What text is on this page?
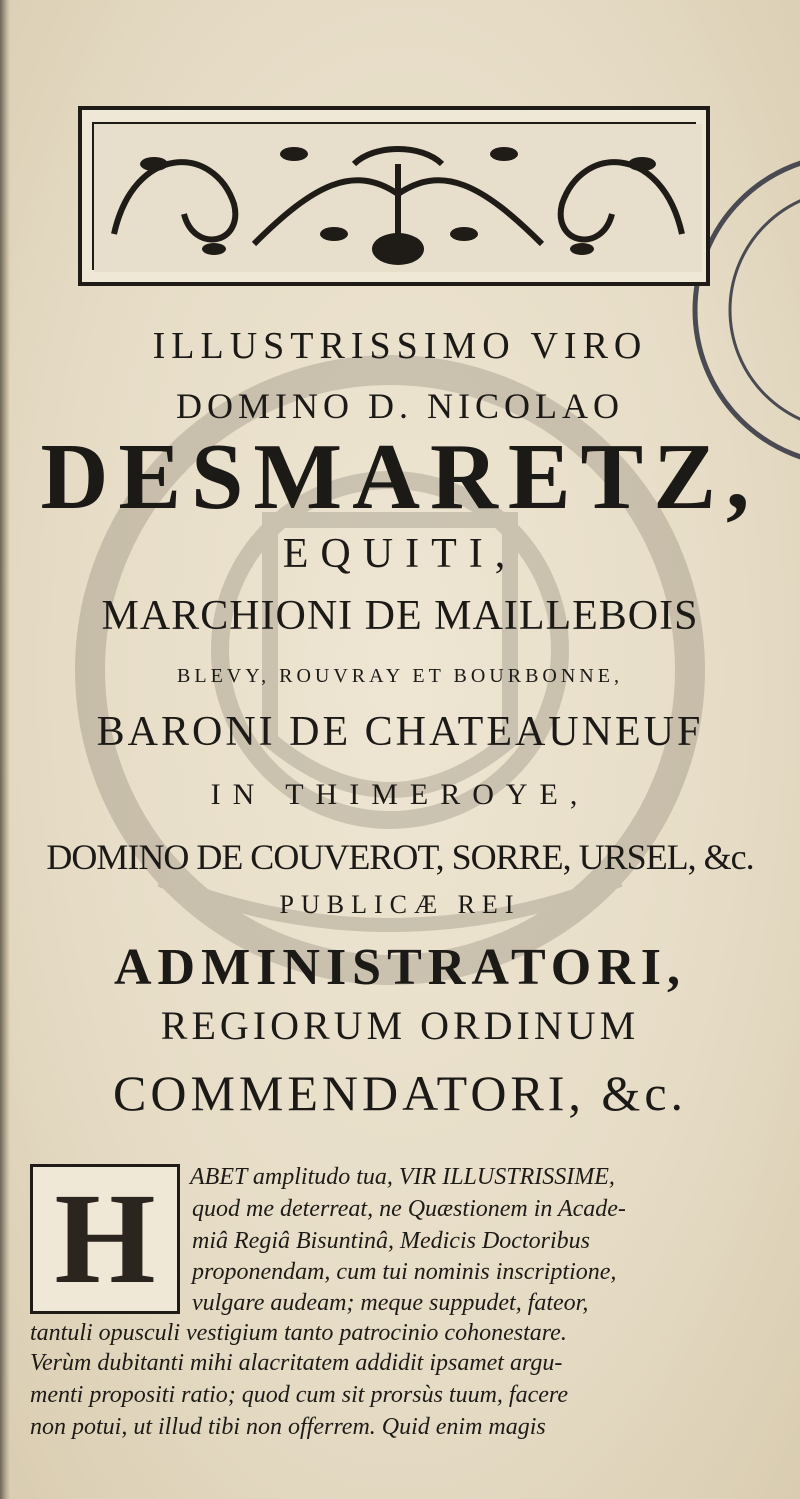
ILLUSTRISSIMO VIRO
DOMINO D. NICOLAO
DESMARETZ,
EQUITI,
MARCHIONI DE MAILLEBOIS
BLEVY, ROUVRAY ET BOURBONNE,
BARONI DE CHATEAUNEUF
IN THIMEROYE,
DOMINO DE COUVEROT, SORRE, URSEL, &c.
PUBLICÆ REI
ADMINISTRATORI,
REGIORUM ORDINUM
COMMENDATORI, &c.
H	ABET amplitudo tua, VIR ILLUSTRISSIME,
quod me deterreat, ne Quæstionem in Acade-
miâ Regiâ Bisuntinâ, Medicis Doctoribus
proponendam, cum tui nominis inscriptione,
vulgare audeam; meque suppudet, fateor,
tantuli opusculi vestigium tanto patrocinio cohonestare.
Verùm dubitanti mihi alacritatem addidit ipsamet argu-
menti propositi ratio; quod cum sit prorsùs tuum, facere
non potui, ut illud tibi non offerrem. Quid enim magis
